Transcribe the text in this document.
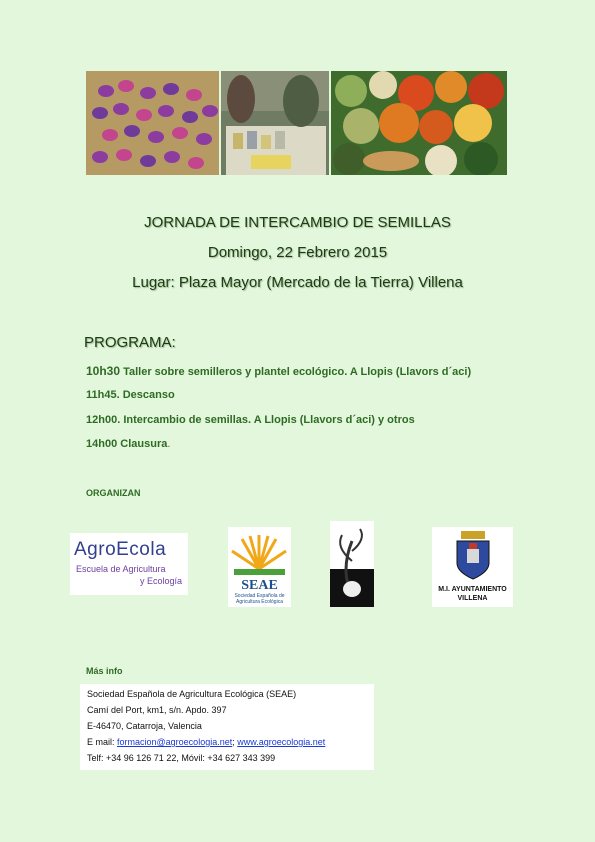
JORNADA DE INTERCAMBIO DE SEMILLAS
Domingo, 22 Febrero 2015
Lugar: Plaza Mayor (Mercado de la Tierra) Villena
PROGRAMA:
10h30 Taller sobre semilleros y plantel ecológico. A Llopis (Llavors d´aci)
11h45. Descanso
12h00. Intercambio de semillas. A Llopis (Llavors d´aci) y otros
14h00 Clausura.
ORGANIZAN
AgroEcola
Escuela de Agricultura
y Ecología	SEAE
Sociedad Española de Agricultura Ecológica
M.I. AYUNTAMIENTO
VILLENA
Más info
Sociedad Española de Agricultura Ecológica (SEAE)
Camí del Port, km1, s/n. Apdo. 397
E-46470, Catarroja, Valencia
E mail: formacion@agroecologia.net; www.agroecologia.net
Telf: +34 96 126 71 22, Móvil: +34 627 343 399
